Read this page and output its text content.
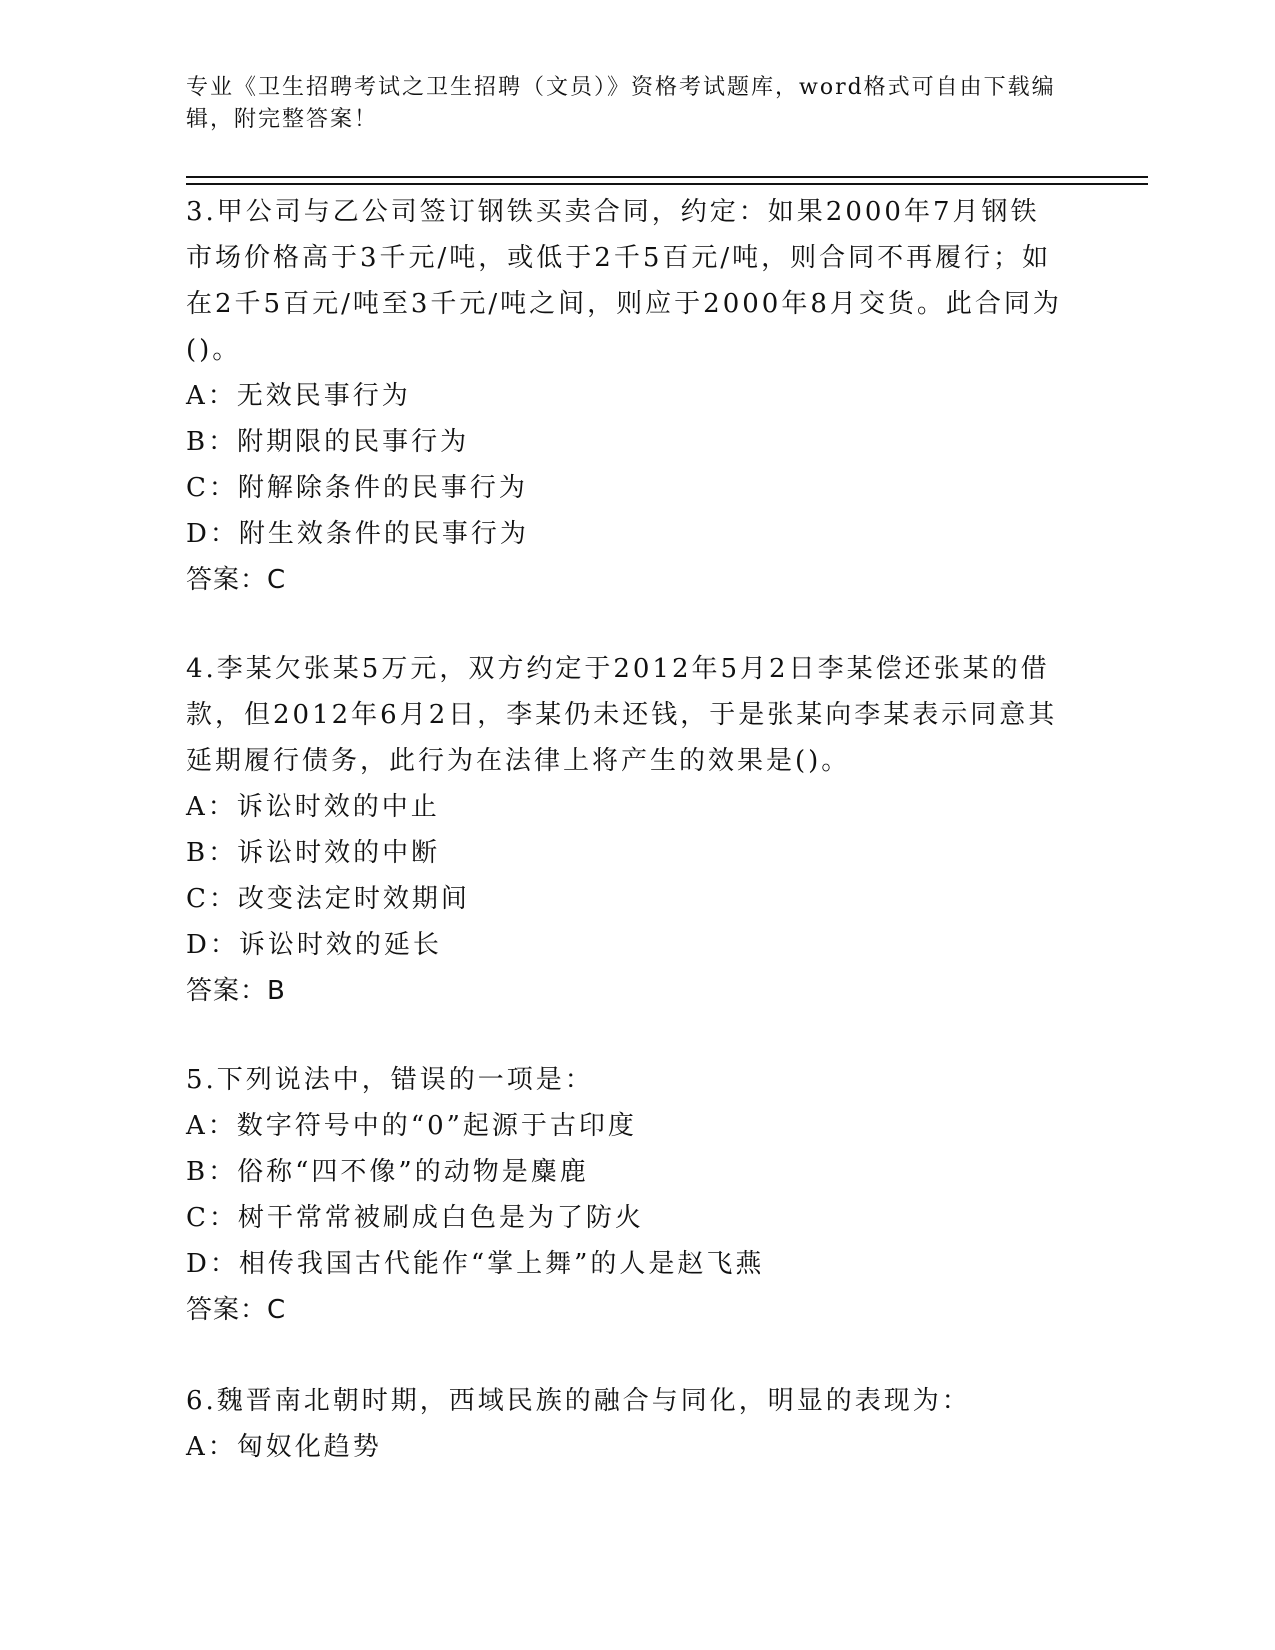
专业《卫生招聘考试之卫生招聘（文员）》资格考试题库，word格式可自由下载编辑，附完整答案！
3.甲公司与乙公司签订钢铁买卖合同，约定：如果2000年7月钢铁市场价格高于3千元/吨，或低于2千5百元/吨，则合同不再履行；如在2千5百元/吨至3千元/吨之间，则应于2000年8月交货。此合同为()。
A：无效民事行为
B：附期限的民事行为
C：附解除条件的民事行为
D：附生效条件的民事行为
答案：C
4.李某欠张某5万元，双方约定于2012年5月2日李某偿还张某的借款，但2012年6月2日，李某仍未还钱，于是张某向李某表示同意其延期履行债务，此行为在法律上将产生的效果是()。
A：诉讼时效的中止
B：诉讼时效的中断
C：改变法定时效期间
D：诉讼时效的延长
答案：B
5.下列说法中，错误的一项是：
A：数字符号中的“0”起源于古印度
B：俗称“四不像”的动物是麋鹿
C：树干常常被刷成白色是为了防火
D：相传我国古代能作“掌上舞”的人是赵飞燕
答案：C
6.魏晋南北朝时期，西域民族的融合与同化，明显的表现为：
A：匈奴化趋势
